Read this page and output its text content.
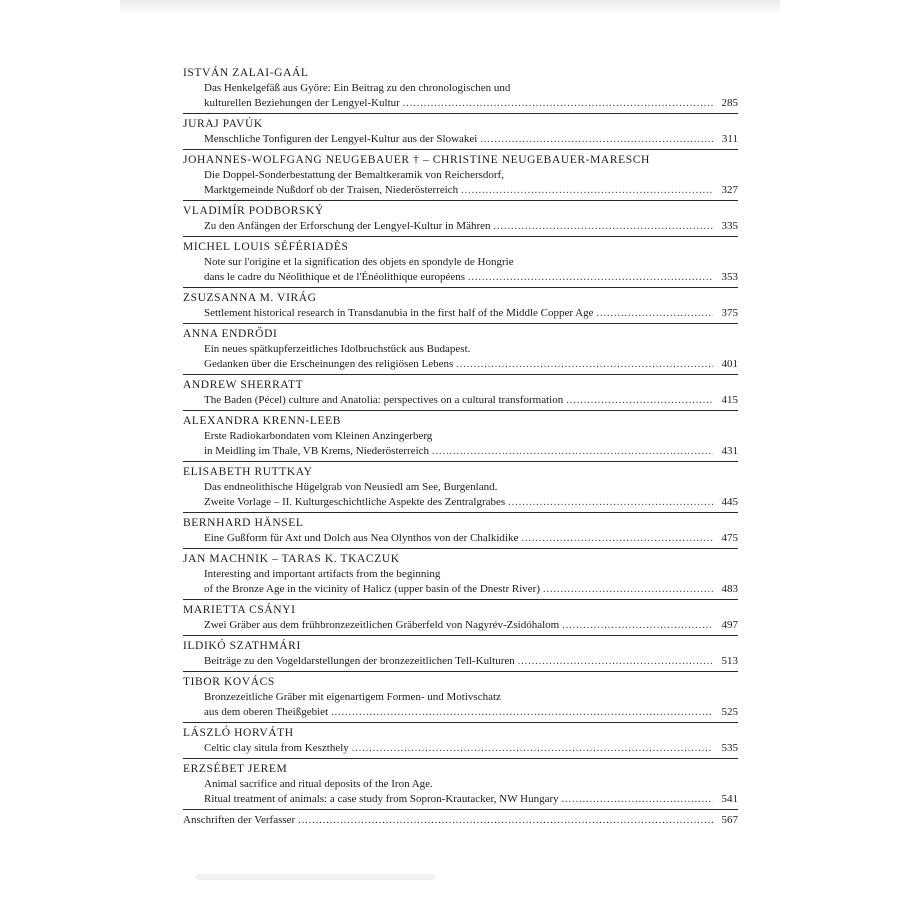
ISTVÁN ZALAI-GAÁL
Das Henkelgefäß aus Györe: Ein Beitrag zu den chronologischen und
kulturellen Beziehungen der Lengyel-Kultur .....	285
JURAJ PAVÚK
Menschliche Tonfiguren der Lengyel-Kultur aus der Slowakei .....	311
JOHANNES-WOLFGANG NEUGEBAUER † – CHRISTINE NEUGEBAUER-MARESCH
Die Doppel-Sonderbestattung der Bemaltkeramik von Reichersdorf,
Marktgemeinde Nußdorf ob der Traisen, Niederösterreich .....	327
VLADIMÍR PODBORSKÝ
Zu den Anfängen der Erforschung der Lengyel-Kultur in Mähren .....	335
MICHEL LOUIS SÉFÉRIADÈS
Note sur l'origine et la signification des objets en spondyle de Hongrie
dans le cadre du Néolithique et de l'Énéolithique européens .....	353
ZSUZSANNA M. VIRÁG
Settlement historical research in Transdanubia in the first half of the Middle Copper Age .....	375
ANNA ENDRŐDI
Ein neues spätkupferzeitliches Idolbruchstück aus Budapest.
Gedanken über die Erscheinungen des religiösen Lebens .....	401
ANDREW SHERRATT
The Baden (Pécel) culture and Anatolia: perspectives on a cultural transformation .....	415
ALEXANDRA KRENN-LEEB
Erste Radiokarbondaten vom Kleinen Anzingerberg
in Meidling im Thale, VB Krems, Niederösterreich .....	431
ELISABETH RUTTKAY
Das endneolithische Hügelgrab von Neusiedl am See, Burgenland.
Zweite Vorlage – II. Kulturgeschichtliche Aspekte des Zentralgrabes .....	445
BERNHARD HÄNSEL
Eine Gußform für Axt und Dolch aus Nea Olynthos von der Chalkidike .....	475
JAN MACHNIK – TARAS K. TKACZUK
Interesting and important artifacts from the beginning
of the Bronze Age in the vicinity of Halicz (upper basin of the Dnestr River) .....	483
MARIETTA CSÁNYI
Zwei Gräber aus dem frühbronzezeitlichen Gräberfeld von Nagyrév-Zsidóhalom .....	497
ILDIKÓ SZATHMÁRI
Beiträge zu den Vogeldarstellungen der bronzezeitlichen Tell-Kulturen .....	513
TIBOR KOVÁCS
Bronzezeitliche Gräber mit eigenartigem Formen- und Motivschatz
aus dem oberen Theißgebiet .....	525
LÁSZLÓ HORVÁTH
Celtic clay situla from Keszthely .....	535
ERZSÉBET JEREM
Animal sacrifice and ritual deposits of the Iron Age.
Ritual treatment of animals: a case study from Sopron-Krautacker, NW Hungary .....	541
Anschriften der Verfasser .....	567
